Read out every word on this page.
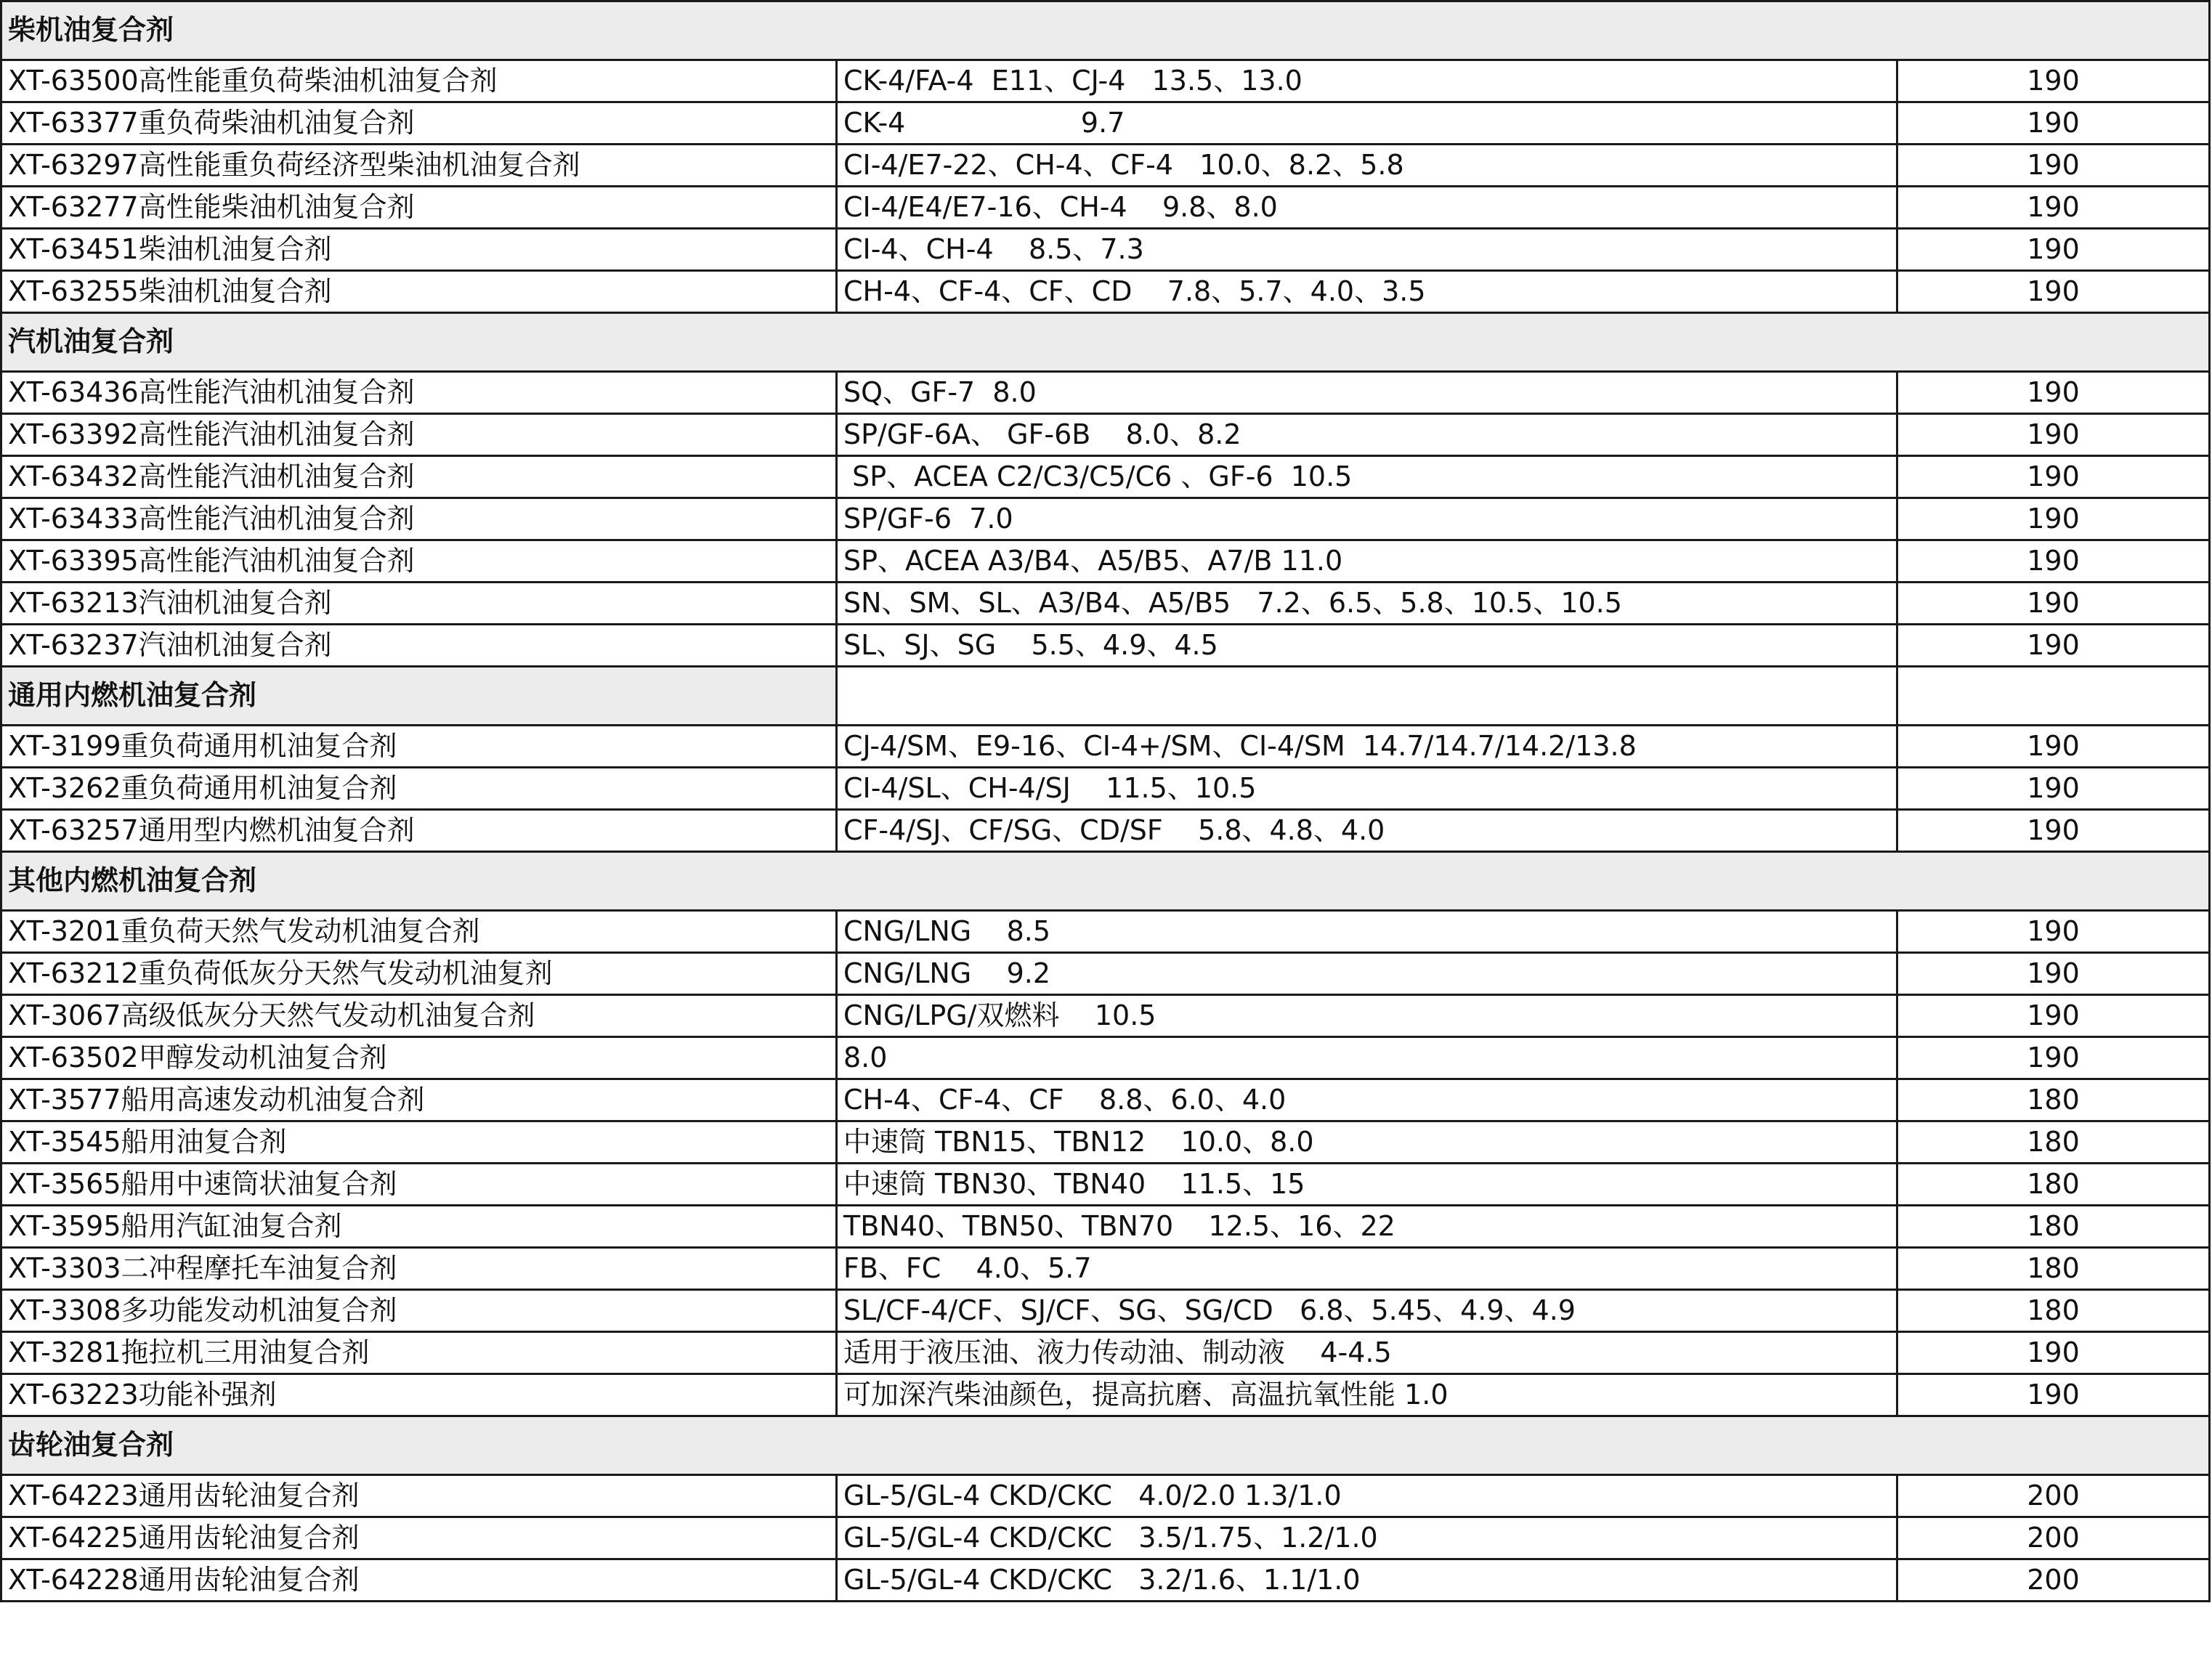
柴机油复合剂		
XT-63500高性能重负荷柴油机油复合剂	CK-4/FA-4  E11、CJ-4   13.5、13.0	190
XT-63377重负荷柴油机油复合剂	CK-4                    9.7	190
XT-63297高性能重负荷经济型柴油机油复合剂	CI-4/E7-22、CH-4、CF-4   10.0、8.2、5.8	190
XT-63277高性能柴油机油复合剂	CI-4/E4/E7-16、CH-4    9.8、8.0	190
XT-63451柴油机油复合剂	CI-4、CH-4    8.5、7.3	190
XT-63255柴油机油复合剂	CH-4、CF-4、CF、CD    7.8、5.7、4.0、3.5	190
汽机油复合剂		
XT-63436高性能汽油机油复合剂	SQ、GF-7  8.0	190
XT-63392高性能汽油机油复合剂	SP/GF-6A、 GF-6B    8.0、8.2	190
XT-63432高性能汽油机油复合剂	SP、ACEA C2/C3/C5/C6 、GF-6  10.5	190
XT-63433高性能汽油机油复合剂	SP/GF-6  7.0	190
XT-63395高性能汽油机油复合剂	SP、ACEA A3/B4、A5/B5、A7/B 11.0	190
XT-63213汽油机油复合剂	SN、SM、SL、A3/B4、A5/B5   7.2、6.5、5.8、10.5、10.5	190
XT-63237汽油机油复合剂	SL、SJ、SG    5.5、4.9、4.5	190
通用内燃机油复合剂		
XT-3199重负荷通用机油复合剂	CJ-4/SM、E9-16、CI-4+/SM、CI-4/SM  14.7/14.7/14.2/13.8	190
XT-3262重负荷通用机油复合剂	CI-4/SL、CH-4/SJ    11.5、10.5	190
XT-63257通用型内燃机油复合剂	CF-4/SJ、CF/SG、CD/SF    5.8、4.8、4.0	190
其他内燃机油复合剂		
XT-3201重负荷天然气发动机油复合剂	CNG/LNG    8.5	190
XT-63212重负荷低灰分天然气发动机油复剂	CNG/LNG    9.2	190
XT-3067高级低灰分天然气发动机油复合剂	CNG/LPG/双燃料    10.5	190
XT-63502甲醇发动机油复合剂	8.0	190
XT-3577船用高速发动机油复合剂	CH-4、CF-4、CF    8.8、6.0、4.0	180
XT-3545船用油复合剂	中速筒 TBN15、TBN12    10.0、8.0	180
XT-3565船用中速筒状油复合剂	中速筒 TBN30、TBN40    11.5、15	180
XT-3595船用汽缸油复合剂	TBN40、TBN50、TBN70    12.5、16、22	180
XT-3303二冲程摩托车油复合剂	FB、FC    4.0、5.7	180
XT-3308多功能发动机油复合剂	SL/CF-4/CF、SJ/CF、SG、SG/CD   6.8、5.45、4.9、4.9	180
XT-3281拖拉机三用油复合剂	适用于液压油、液力传动油、制动液    4-4.5	190
XT-63223功能补强剂	可加深汽柴油颜色，提高抗磨、高温抗氧性能 1.0	190
齿轮油复合剂		
XT-64223通用齿轮油复合剂	GL-5/GL-4 CKD/CKC   4.0/2.0 1.3/1.0	200
XT-64225通用齿轮油复合剂	GL-5/GL-4 CKD/CKC   3.5/1.75、1.2/1.0	200
XT-64228通用齿轮油复合剂	GL-5/GL-4 CKD/CKC   3.2/1.6、1.1/1.0	200
